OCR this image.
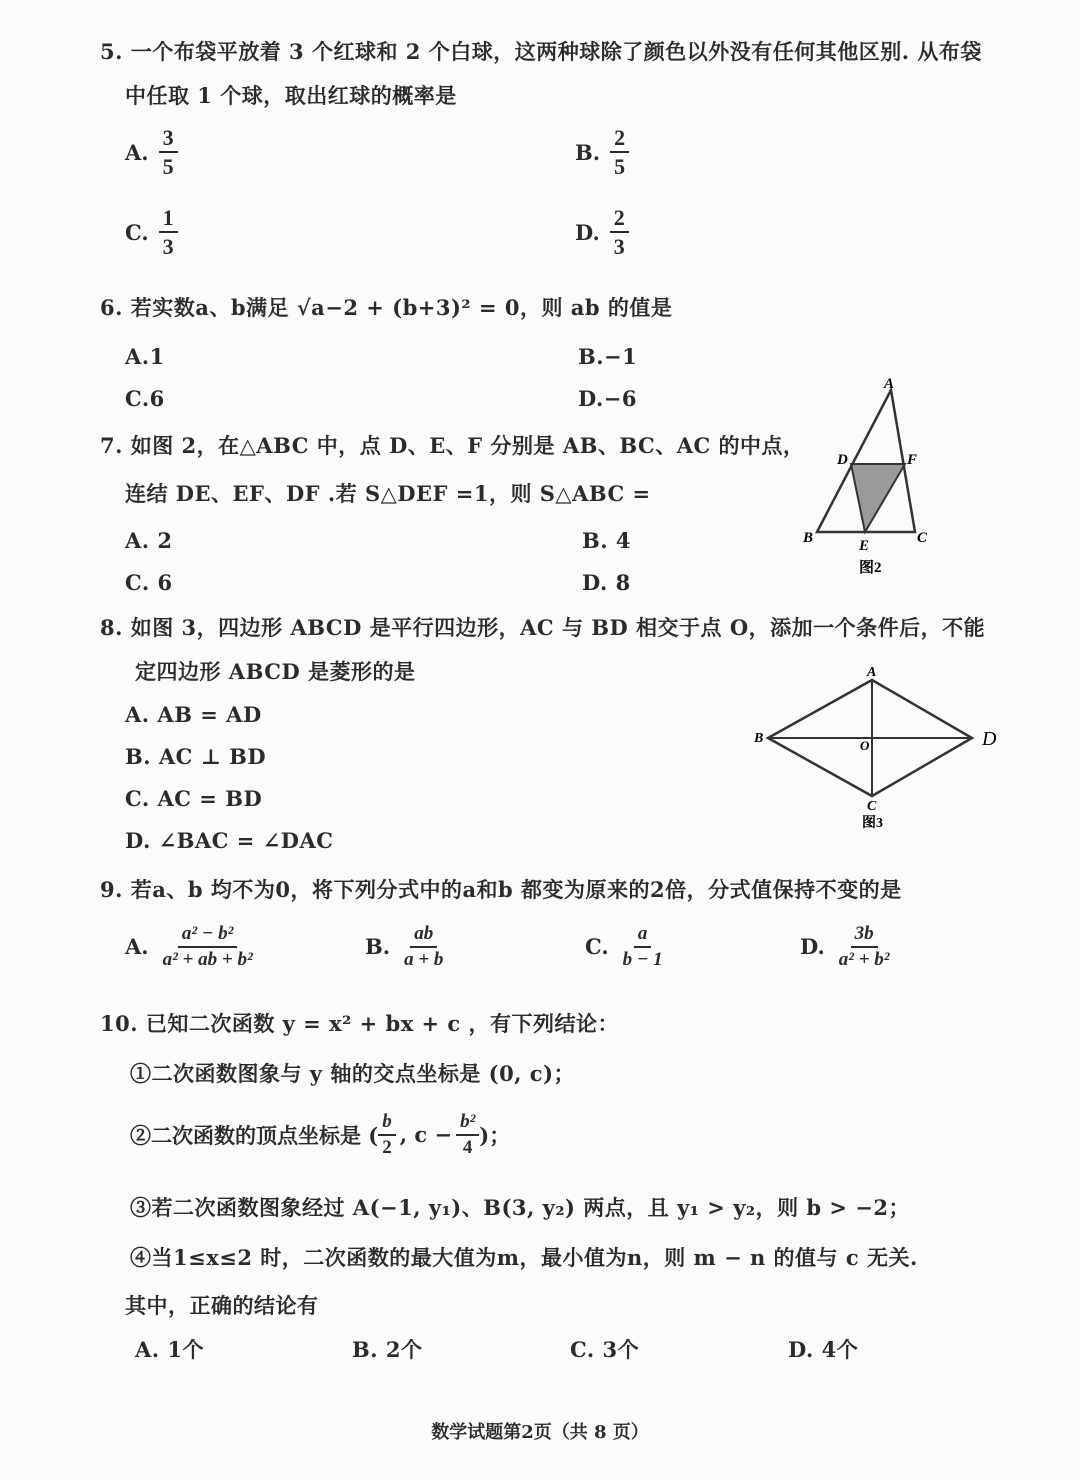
5. 一个布袋平放着 3 个红球和 2 个白球，这两种球除了颜色以外没有任何其他区别. 从布袋
中任取 1 个球，取出红球的概率是
A. $\frac{3}{5}$	B. $\frac{2}{5}$
C. $\frac{1}{3}$	D. $\frac{2}{3}$
6. 若实数a、b满足 √a−2 + (b+3)² = 0，则 ab 的值是
A.1	B.−1
C.6	D.−6
7. 如图 2，在△ABC 中，点 D、E、F 分别是 AB、BC、AC 的中点，
连结 DE、EF、DF .若 S△DEF =1，则 S△ABC =
A. 2	B. 4
C. 6	D. 8
A
D	F
B	E	C
图2
8. 如图 3，四边形 ABCD 是平行四边形，AC 与 BD 相交于点 O，添加一个条件后，不能
定四边形 ABCD 是菱形的是
A. AB = AD
B. AC ⊥ BD
C. AC = BD
D. ∠BAC = ∠DAC
A
B	O	D
C
图3
9. 若a、b 均不为0，将下列分式中的a和b 都变为原来的2倍，分式值保持不变的是
A. $\frac{\text{a² − b²}}{\text{a² + ab + b²}}$	B. $\frac{ab}{a + b}$	C. $\frac{a}{b - 1}$	D. $\frac{3b}{\text{a² + b²}}$
10. 已知二次函数 y = x² + bx + c ，有下列结论：
①二次函数图象与 y 轴的交点坐标是 (0, c)；
②二次函数的顶点坐标是 ( $\frac{b}{2}$ , $c - \frac{\text{b²}}{4}$ )；
③若二次函数图象经过 A(−1, y₁)、B(3, y₂) 两点，且 y₁ > y₂，则 b > −2；
④当1≤x≤2 时，二次函数的最大值为m，最小值为n，则 m − n 的值与 c 无关.
其中，正确的结论有
A. 1个	B. 2个	C. 3个	D. 4个
数学试题第2页（共 8 页）
